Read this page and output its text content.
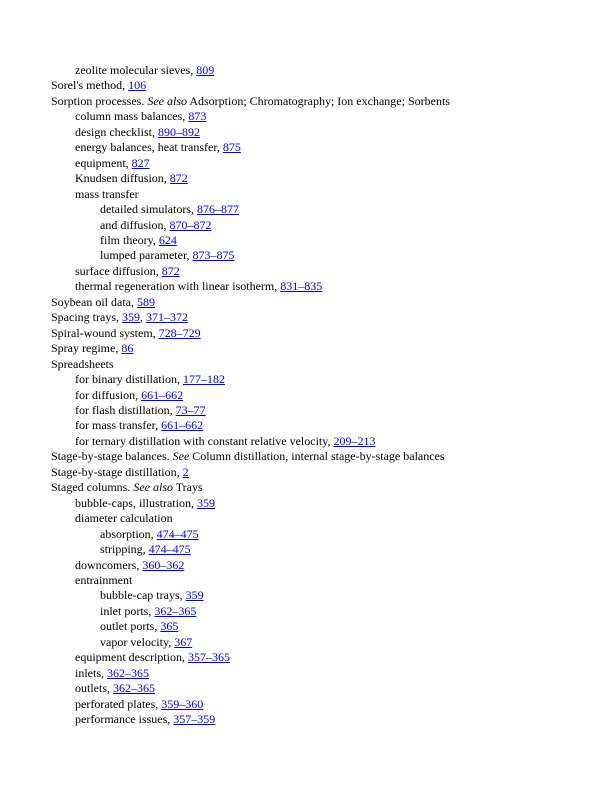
zeolite molecular sieves, 809
Sorel's method, 106
Sorption processes. See also Adsorption; Chromatography; Ion exchange; Sorbents
column mass balances, 873
design checklist, 890–892
energy balances, heat transfer, 875
equipment, 827
Knudsen diffusion, 872
mass transfer
detailed simulators, 876–877
and diffusion, 870–872
film theory, 624
lumped parameter, 873–875
surface diffusion, 872
thermal regeneration with linear isotherm, 831–835
Soybean oil data, 589
Spacing trays, 359, 371–372
Spiral-wound system, 728–729
Spray regime, 86
Spreadsheets
for binary distillation, 177–182
for diffusion, 661–662
for flash distillation, 73–77
for mass transfer, 661–662
for ternary distillation with constant relative velocity, 209–213
Stage-by-stage balances. See Column distillation, internal stage-by-stage balances
Stage-by-stage distillation, 2
Staged columns. See also Trays
bubble-caps, illustration, 359
diameter calculation
absorption, 474–475
stripping, 474–475
downcomers, 360–362
entrainment
bubble-cap trays, 359
inlet ports, 362–365
outlet ports, 365
vapor velocity, 367
equipment description, 357–365
inlets, 362–365
outlets, 362–365
perforated plates, 359–360
performance issues, 357–359
